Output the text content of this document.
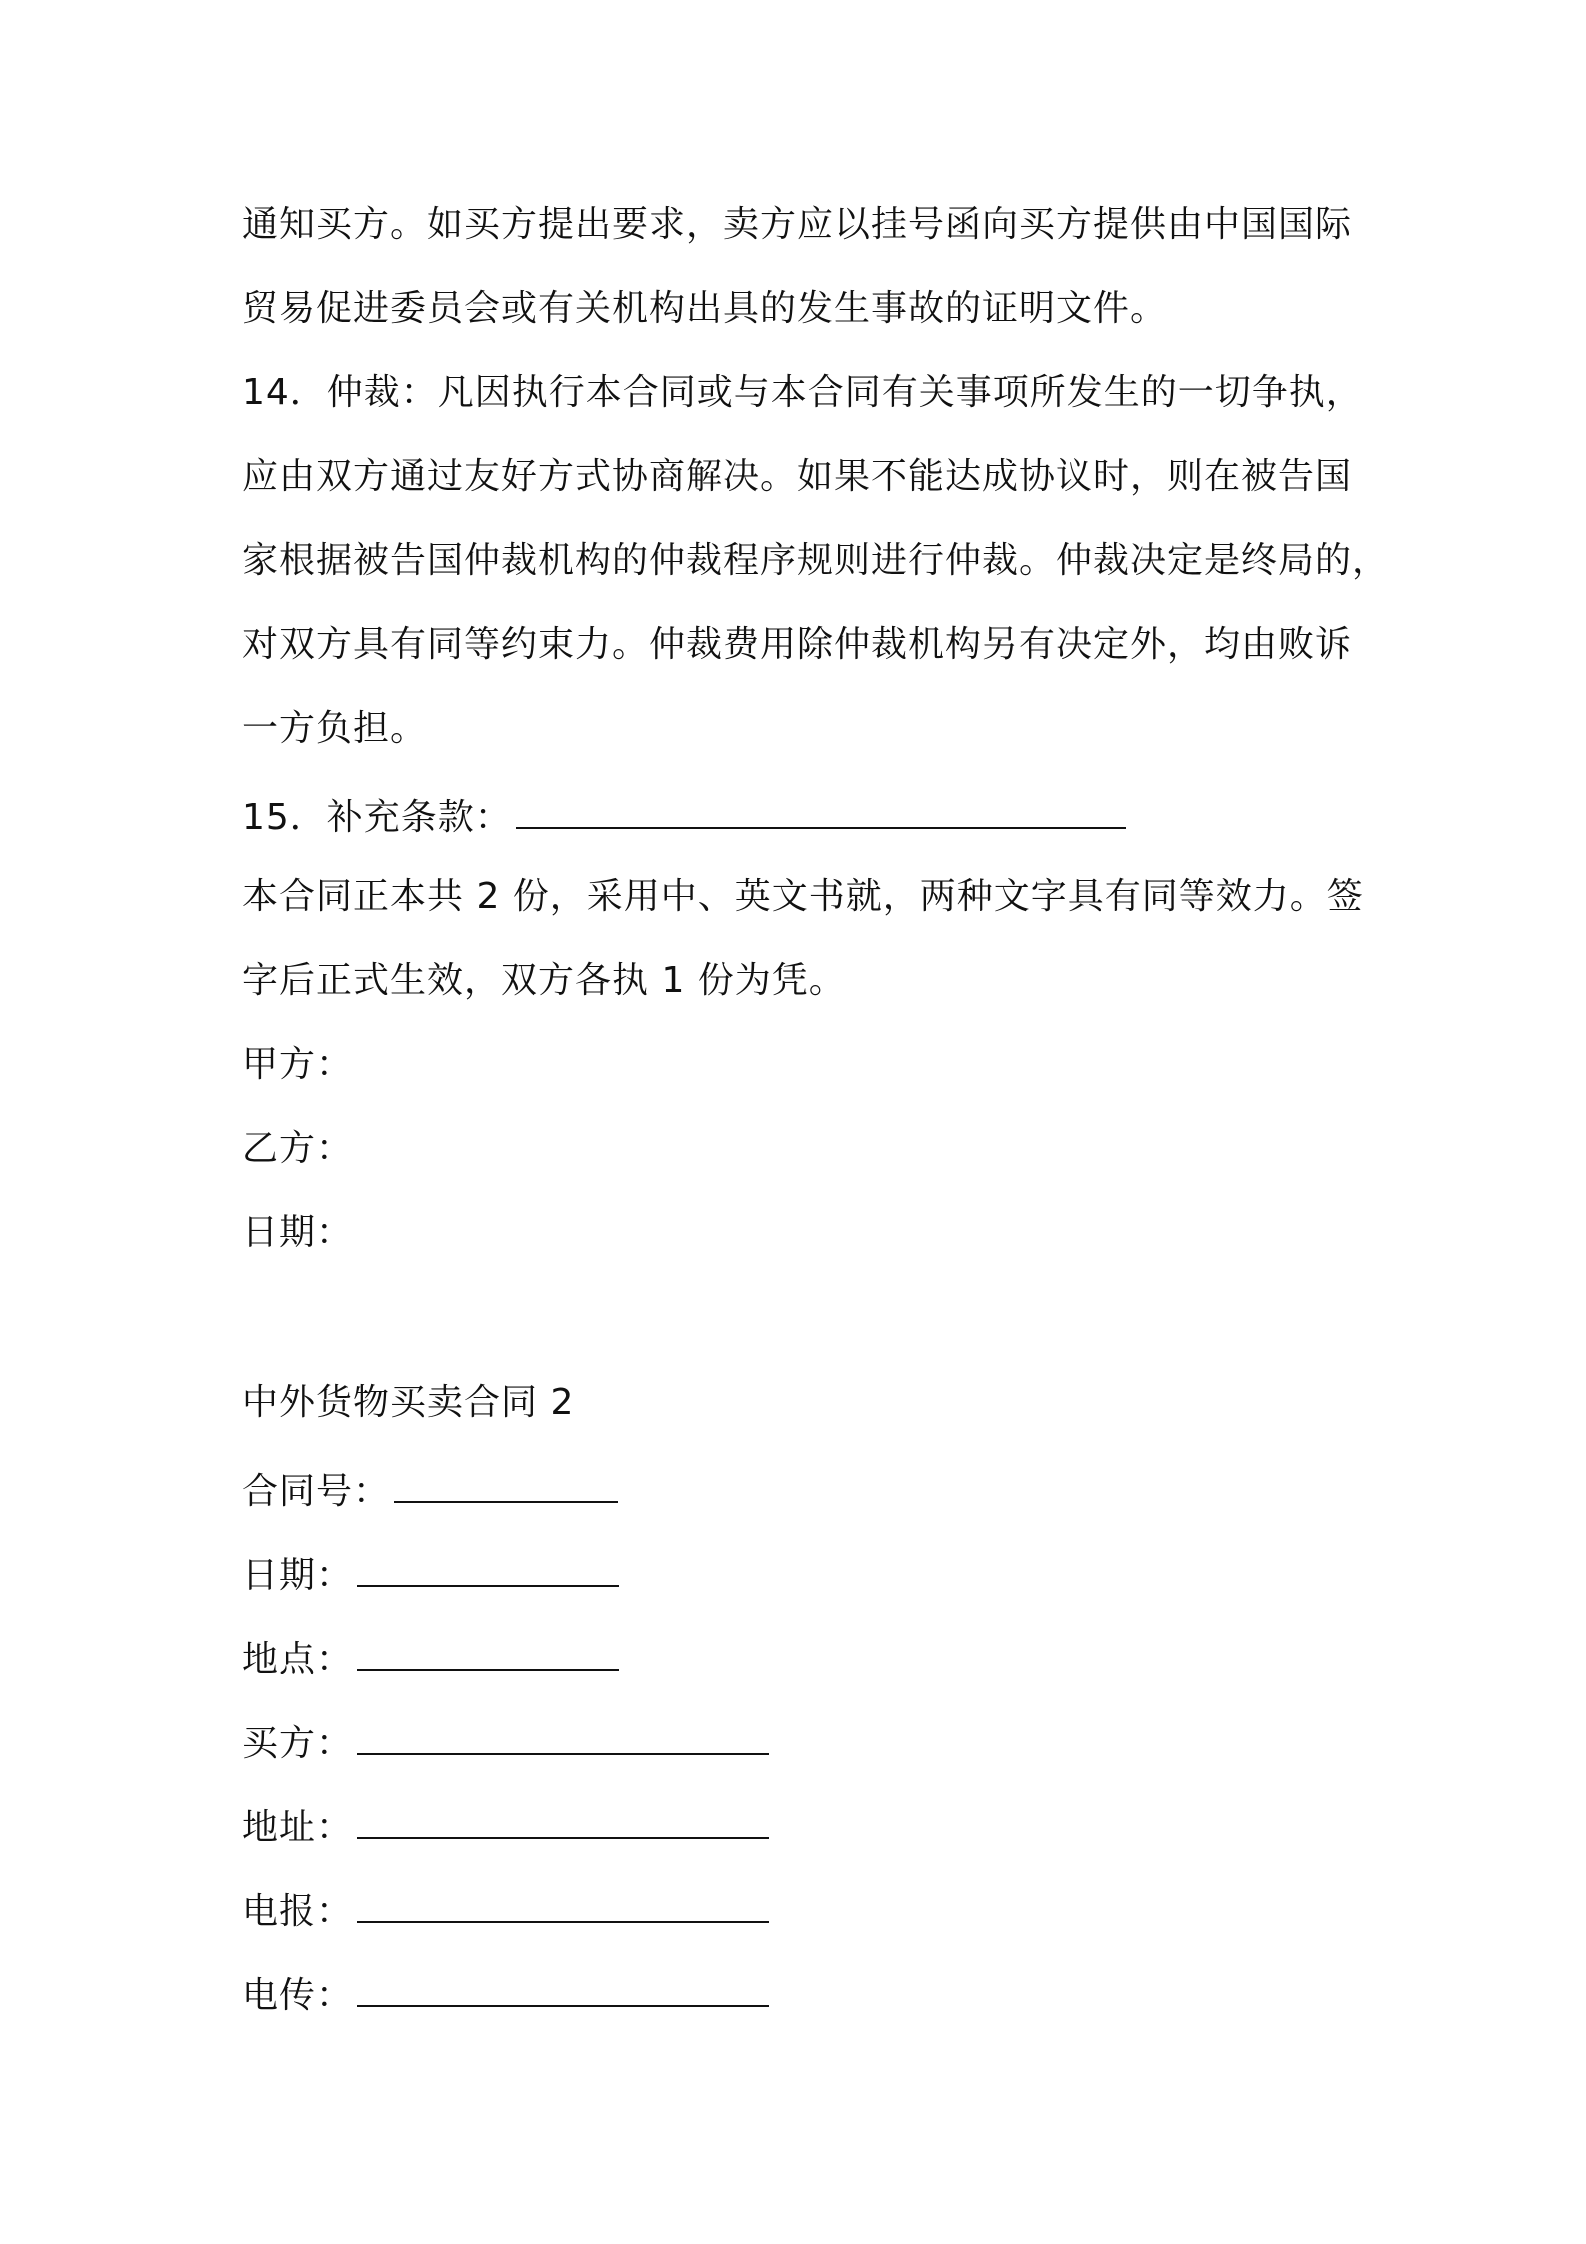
通知买方。如买方提出要求，卖方应以挂号函向买方提供由中国国际
贸易促进委员会或有关机构出具的发生事故的证明文件。
14．仲裁：凡因执行本合同或与本合同有关事项所发生的一切争执，
应由双方通过友好方式协商解决。如果不能达成协议时，则在被告国
家根据被告国仲裁机构的仲裁程序规则进行仲裁。仲裁决定是终局的，
对双方具有同等约束力。仲裁费用除仲裁机构另有决定外，均由败诉
一方负担。
15．补充条款：
本合同正本共 2 份，采用中、英文书就，两种文字具有同等效力。签
字后正式生效，双方各执 1 份为凭。
甲方：
乙方：
日期：
中外货物买卖合同 2
合同号：
日期：
地点：
买方：
地址：
电报：
电传：
